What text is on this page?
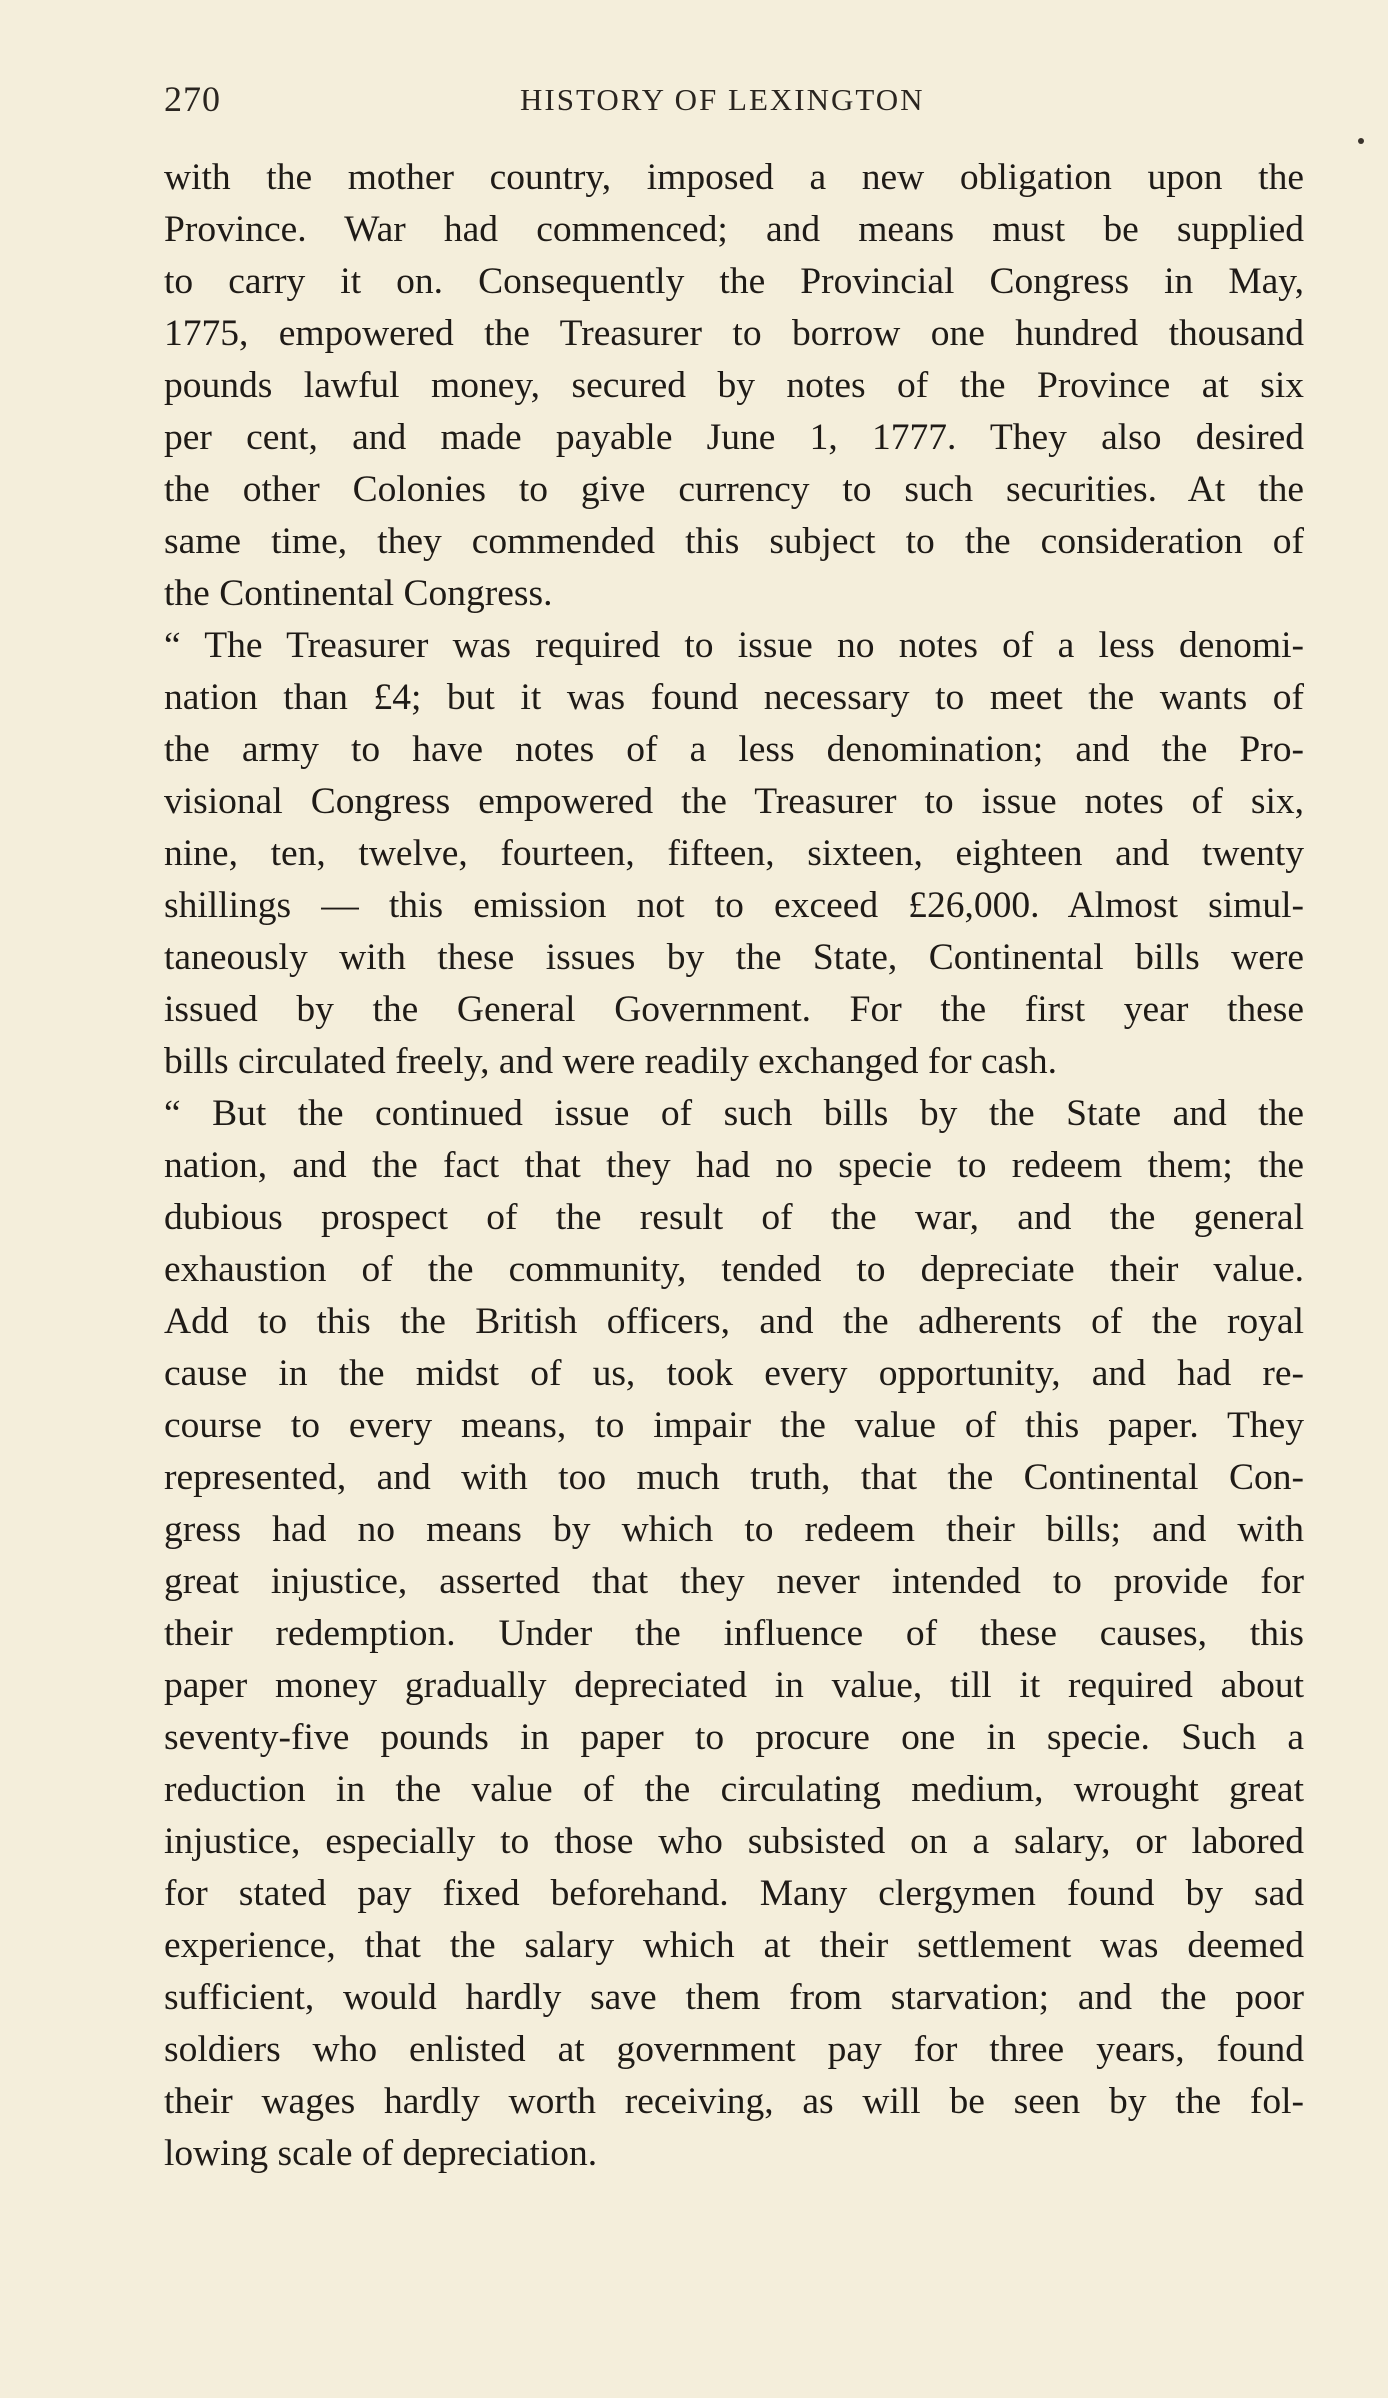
270	HISTORY OF LEXINGTON
with the mother country, imposed a new obligation upon the
Province. War had commenced; and means must be supplied
to carry it on. Consequently the Provincial Congress in May,
1775, empowered the Treasurer to borrow one hundred thousand
pounds lawful money, secured by notes of the Province at six
per cent, and made payable June 1, 1777. They also desired
the other Colonies to give currency to such securities. At the
same time, they commended this subject to the consideration of
the Continental Congress.
“ The Treasurer was required to issue no notes of a less denomi-
nation than £4; but it was found necessary to meet the wants of
the army to have notes of a less denomination; and the Pro-
visional Congress empowered the Treasurer to issue notes of six,
nine, ten, twelve, fourteen, fifteen, sixteen, eighteen and twenty
shillings — this emission not to exceed £26,000. Almost simul-
taneously with these issues by the State, Continental bills were
issued by the General Government. For the first year these
bills circulated freely, and were readily exchanged for cash.
“ But the continued issue of such bills by the State and the
nation, and the fact that they had no specie to redeem them; the
dubious prospect of the result of the war, and the general
exhaustion of the community, tended to depreciate their value.
Add to this the British officers, and the adherents of the royal
cause in the midst of us, took every opportunity, and had re-
course to every means, to impair the value of this paper. They
represented, and with too much truth, that the Continental Con-
gress had no means by which to redeem their bills; and with
great injustice, asserted that they never intended to provide for
their redemption. Under the influence of these causes, this
paper money gradually depreciated in value, till it required about
seventy-five pounds in paper to procure one in specie. Such a
reduction in the value of the circulating medium, wrought great
injustice, especially to those who subsisted on a salary, or labored
for stated pay fixed beforehand. Many clergymen found by sad
experience, that the salary which at their settlement was deemed
sufficient, would hardly save them from starvation; and the poor
soldiers who enlisted at government pay for three years, found
their wages hardly worth receiving, as will be seen by the fol-
lowing scale of depreciation.
